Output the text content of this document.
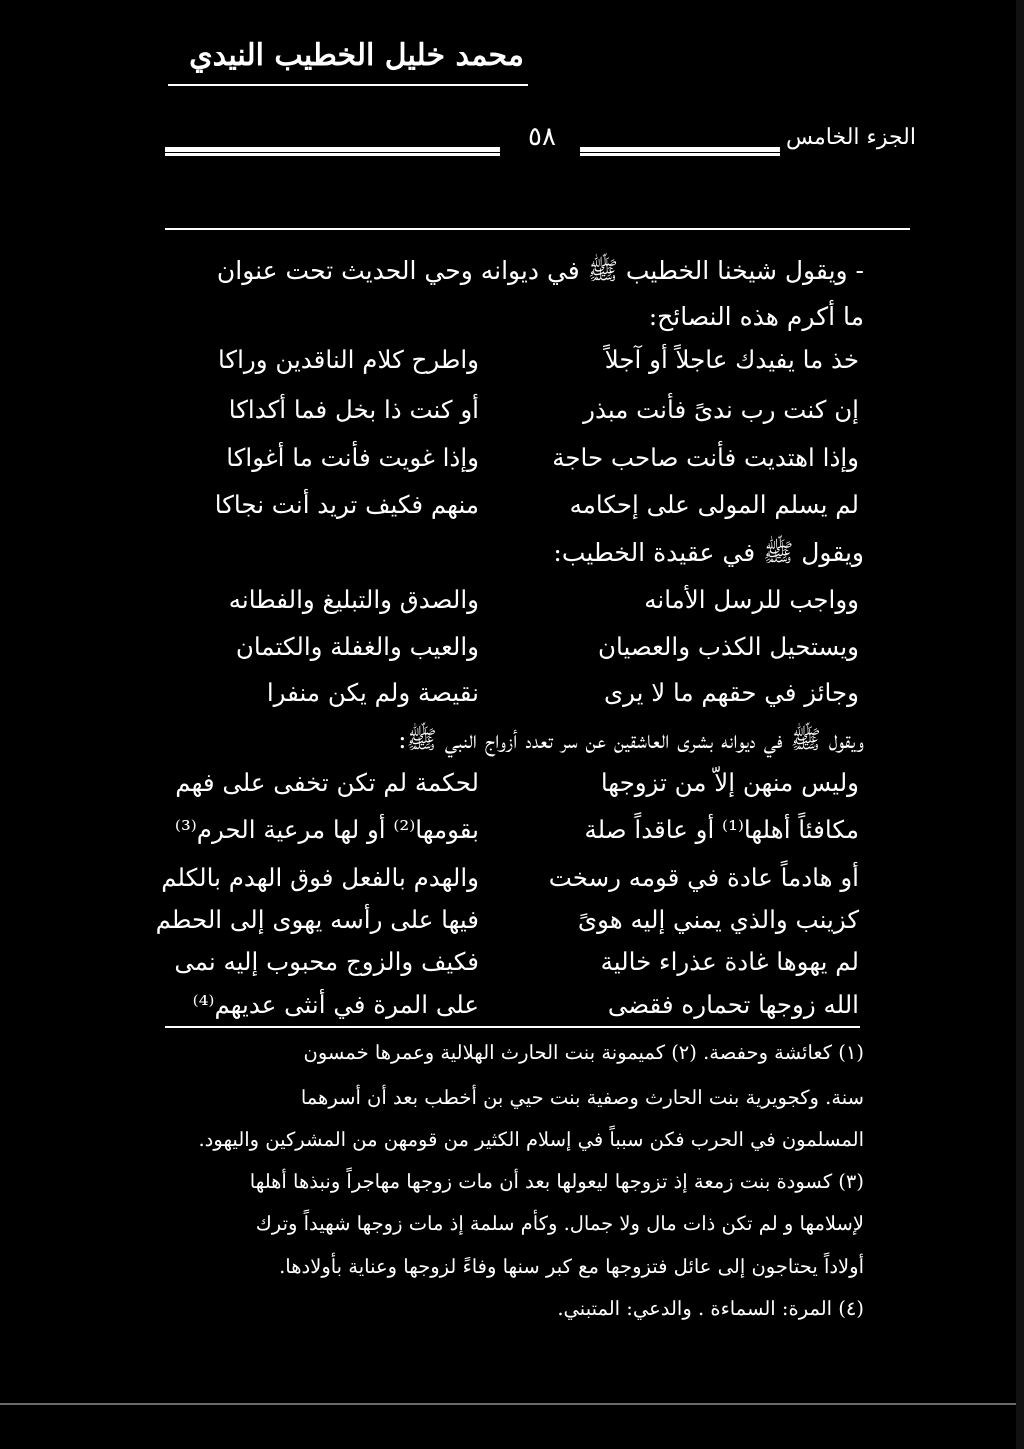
محمد خليل الخطيب النيدي
٥٨	الجزء الخامس
- ويقول شيخنا الخطيب ﷺ في ديوانه وحي الحديث تحت عنوان
ما أكرم هذه النصائح:
خذ ما يفيدك عاجلاً أو آجلاً
واطرح كلام الناقدين وراكا
إن كنت رب ندىً فأنت مبذر
أو كنت ذا بخل فما أكداكا
وإذا اهتديت فأنت صاحب حاجة
وإذا غويت فأنت ما أغواكا
لم يسلم المولى على إحكامه
منهم فكيف تريد أنت نجاكا
ويقول ﷺ في عقيدة الخطيب:
وواجب للرسل الأمانه
والصدق والتبليغ والفطانه
ويستحيل الكذب والعصيان
والعيب والغفلة والكتمان
وجائز في حقهم ما لا يرى
نقيصة ولم يكن منفرا
ويقول ﷺ في ديوانه بشرى العاشقين عن سر تعدد أزواج النبي ﷺ:
وليس منهن إلاّ من تزوجها
لحكمة لم تكن تخفى على فهم
مكافئاً أهلها⁽¹⁾ أو عاقداً صلة
بقومها⁽²⁾ أو لها مرعية الحرم⁽³⁾
أو هادماً عادة في قومه رسخت
والهدم بالفعل فوق الهدم بالكلم
كزينب والذي يمني إليه هوىً
فيها على رأسه يهوى إلى الحطم
لم يهوها غادة عذراء خالية
فكيف والزوج محبوب إليه نمى
الله زوجها تحماره فقضى
على المرة في أنثى عديهم⁽⁴⁾
(١) كعائشة وحفصة. (٢) كميمونة بنت الحارث الهلالية وعمرها خمسون
سنة. وكجويرية بنت الحارث وصفية بنت حيي بن أخطب بعد أن أسرهما
المسلمون في الحرب فكن سبباً في إسلام الكثير من قومهن من المشركين واليهود.
(٣) كسودة بنت زمعة إذ تزوجها ليعولها بعد أن مات زوجها مهاجراً ونبذها أهلها
لإسلامها و لم تكن ذات مال ولا جمال. وكأم سلمة إذ مات زوجها شهيداً وترك
أولاداً يحتاجون إلى عائل فتزوجها مع كبر سنها وفاءً لزوجها وعناية بأولادها.
(٤) المرة: السماءة . والدعي: المتبني.
